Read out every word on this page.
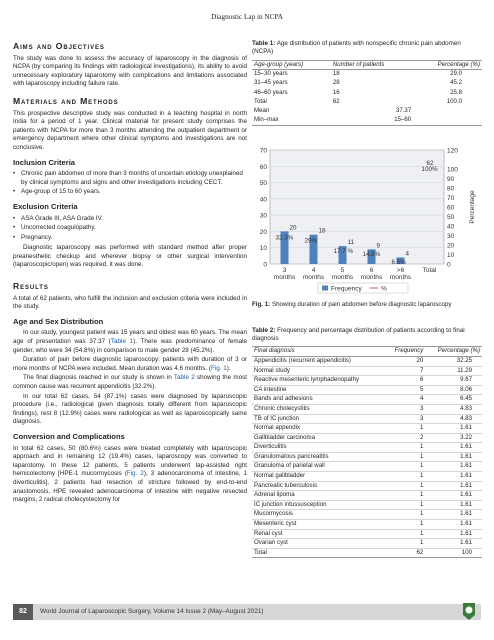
Diagnostic Lap in NCPA
Aims and Objectives

The study was done to assess the accuracy of laparoscopy in the diagnosis of NCPA (by comparing its findings with radiological investigations), its ability to avoid unnecessary exploratory laparotomy with complications and limitations associated with laparoscopy including failure rate.

Materials and Methods

This prospective descriptive study was conducted in a teaching hospital in north India for a period of 1 year. Clinical material for present study comprises the patients with NCPA for more than 3 months attending the outpatient department or emergency department where other clinical symptoms and investigations are not conclusive.

Inclusion Criteria
• Chronic pain abdomen of more than 3 months of uncertain etiology unexplained by clinical symptoms and signs and other investigations including CECT.
• Age-group of 15 to 60 years.
Exclusion Criteria
• ASA Grade III, ASA Grade IV.
• Uncorrected coagulopathy.
• Pregnancy.

Diagnostic laparoscopy was performed with standard method after proper preanesthetic checkup and wherever biopsy or other surgical intervention (laparoscopic/open) was required, it was done.

Results

A total of 62 patients, who fulfill the inclusion and exclusion criteria were included in the study.

Age and Sex Distribution

In our study, youngest patient was 15 years and oldest was 60 years. The mean age of presentation was 37.37 (Table 1). There was predominance of female gender, who were 34 (54.8%) in comparison to male gender 28 (45.2%).

Duration of pain before diagnostic laparoscopy: patients with duration of 3 or more months of NCPA were included. Mean duration was 4.6 months. (Fig. 1).

The final diagnosis reached in our study is shown in Table 2 showing the most common cause was recurrent appendicitis (32.2%).

In our total 62 cases, 54 (87.1%) cases were diagnosed by laparoscopic procedure (i.e., radiological given diagnosis totally different from laparoscopic findings), rest 8 (12.9%) cases were radiological as well as laparoscopically same diagnosis.

Conversion and Complications

In total 62 cases, 50 (80.6%) cases were treated completely with laparoscopic approach and in remaining 12 (19.4%) cases, laparoscopy was converted to laparotomy. In these 12 patients, 5 patients underwent lap-assisted right hemicolectomy [HPE-1 mucormycosis (Fig. 2), 3 adenocarcinoma of intestine, 1 diverticulitis], 2 patients had resection of stricture followed by end-to-end anastomosis, HPE revealed adenocarcinoma of intestine with negative resected margins, 2 radical cholecystectomy for

Table 1: Age distribution of patients with nonspecific chronic pain abdomen (NCPA)
Age-group (years)	Number of patients	Percentage (%)
15–30 years	18	29.0
31–45 years	28	45.2
46–60 years	16	25.8
Total	62	100.0
Mean	37.37	
Min–max	15–60	
0
10
20
30
40
50
60
70
0
10
20
30
40
50
60
70
80
90
100
120
Percentage
20
32.3%
3
months
18
29%
4
months
11
17.7 %
5
months
9
14.5%
6
months
4
6.5%
>6
months
62
100%
Total
Frequency	%
Fig. 1: Showing duration of pain abdomen before diagnostic laparoscopy
Table 2: Frequency and percentage distribution of patients according to final diagnosis
Final diagnosis	Frequency	Percentage (%)
Appendicitis (recurrent appendicitis)	20	32.25
Normal study	7	11.29
Reactive mesenteric lymphadenopathy	6	9.67
CA intestine	5	8.06
Bands and adhesions	4	6.45
Chronic cholecystitis	3	4.83
TB of IC junction	3	4.83
Normal appendix	1	1.61
Gallbladder carcinoma	2	3.22
Diverticulitis	1	1.61
Granulomatous pancreatitis	1	1.61
Granuloma of parietal wall	1	1.61
Normal gallbladder	1	1.61
Pancreatic tuberculosis	1	1.61
Adrenal lipoma	1	1.61
IC junction intussusception	1	1.61
Mucormycosis	1	1.61
Mesenteric cyst	1	1.61
Renal cyst	1	1.61
Ovarian cyst	1	1.61
Total	62	100
82	World Journal of Laparoscopic Surgery, Volume 14 Issue 2 (May–August 2021)
